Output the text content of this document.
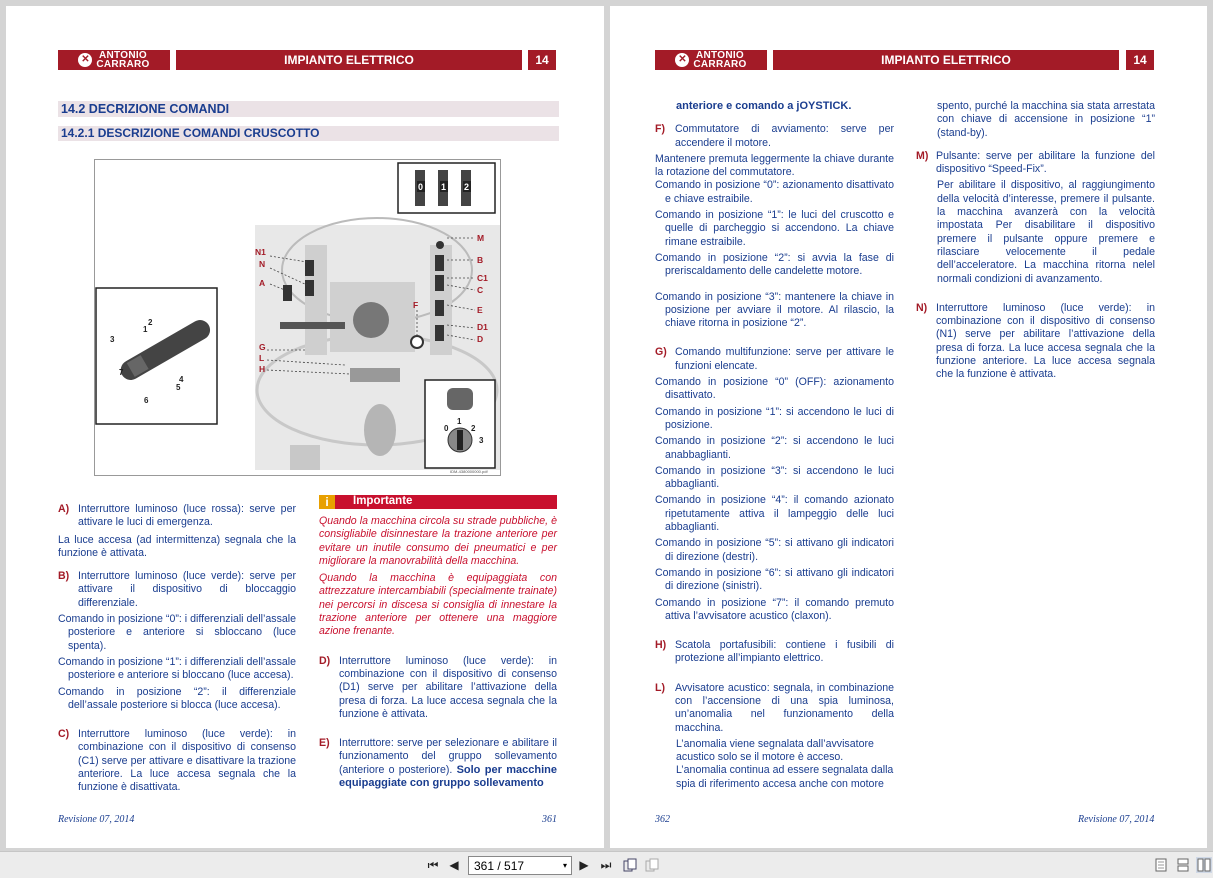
✕ ANTONIO
CARRARO	IMPIANTO ELETTRICO	14
14.2 DECRIZIONE COMANDI
14.2.1 DESCRIZIONE COMANDI CRUSCOTTO
N1
N
A
G
L
H
F
M
B
C1
C
E
D1
D
0 1 2
0
1
2
3
1
2
3
4
5
6
7
0
IDM-4380000000.pdf
A) Interruttore luminoso (luce rossa): serve per attivare le luci di emergenza.

La luce accesa (ad intermittenza) segnala che la funzione è attivata.

B) Interruttore luminoso (luce verde): serve per attivare il dispositivo di bloccaggio differenziale.

Comando in posizione “0”: i differenziali dell’assale posteriore e anteriore si sbloccano (luce spenta).

Comando in posizione “1”: i differenziali dell’assale posteriore e anteriore si bloccano (luce accesa).

Comando in posizione “2”: il differenziale dell’assale posteriore si blocca (luce accesa).

C) Interruttore luminoso (luce verde): in combinazione con il dispositivo di consenso (C1) serve per attivare e disattivare la trazione anteriore. La luce accesa segnala che la funzione è disattivata.
i	Importante

Quando la macchina circola su strade pubbliche, è consigliabile disinnestare la trazione anteriore per evitare un inutile consumo dei pneumatici e per migliorare la manovrabilità della macchina.

Quando la macchina è equipaggiata con attrezzature intercambiabili (specialmente trainate) nei percorsi in discesa si consiglia di innestare la trazione anteriore per ottenere una maggiore azione frenante.

D) Interruttore luminoso (luce verde): in combinazione con il dispositivo di consenso (D1) serve per abilitare l’attivazione della presa di forza. La luce accesa segnala che la funzione è attivata.
E) Interruttore: serve per selezionare e abilitare il funzionamento del gruppo sollevamento (anteriore o posteriore). Solo per macchine equipaggiate con gruppo sollevamento
Revisione 07, 2014	361
✕ ANTONIO
CARRARO	IMPIANTO ELETTRICO	14

anteriore e comando a jOYSTICK.

F) Commutatore di avviamento: serve per accendere il motore.

Mantenere premuta leggermente la chiave durante la rotazione del commutatore.

Comando in posizione “0”: azionamento disattivato e chiave estraibile.

Comando in posizione “1”: le luci del cruscotto e quelle di parcheggio si accendono. La chiave rimane estraibile.

Comando in posizione “2”: si avvia la fase di preriscaldamento delle candelette motore.

Comando in posizione “3”: mantenere la chiave in posizione per avviare il motore. Al rilascio, la chiave ritorna in posizione “2”.

G) Comando multifunzione: serve per attivare le funzioni elencate.

Comando in posizione “0” (OFF): azionamento disattivato.

Comando in posizione “1”: si accendono le luci di posizione.

Comando in posizione “2”: si accendono le luci anabbaglianti.

Comando in posizione “3”: si accendono le luci abbaglianti.

Comando in posizione “4”: il comando azionato ripetutamente attiva il lampeggio delle luci abbaglianti.

Comando in posizione “5”: si attivano gli indicatori di direzione (destri).

Comando in posizione “6”: si attivano gli indicatori di direzione (sinistri).

Comando in posizione “7”: il comando premuto attiva l’avvisatore acustico (claxon).

H) Scatola portafusibili: contiene i fusibili di protezione all’impianto elettrico.
L) Avvisatore acustico: segnala, in combinazione con l’accensione di una spia luminosa, un’anomalia nel funzionamento della macchina.

L’anomalia viene segnalata dall’avvisatore acustico solo se il motore è acceso.

L’anomalia continua ad essere segnalata dalla spia di riferimento accesa anche con motore

spento, purché la macchina sia stata arrestata con chiave di accensione in posizione “1” (stand-by).

M) Pulsante: serve per abilitare la funzione del dispositivo “Speed-Fix”.

Per abilitare il dispositivo, al raggiungimento della velocità d’interesse, premere il pulsante. la macchina avanzerà con la velocità impostata Per disabilitare il dispositivo premere il pulsante oppure premere e rilasciare velocemente il pedale dell’acceleratore. La macchina ritorna nelel normali condizioni di avanzamento.

N) Interruttore luminoso (luce verde): in combinazione con il dispositivo di consenso (N1) serve per abilitare l’attivazione della presa di forza. La luce accesa segnala che la funzione anteriore. La luce accesa segnala che la funzione è attivata.
362	Revisione 07, 2014
⏮ ◀	361 / 517	▾	▶ ⏭
